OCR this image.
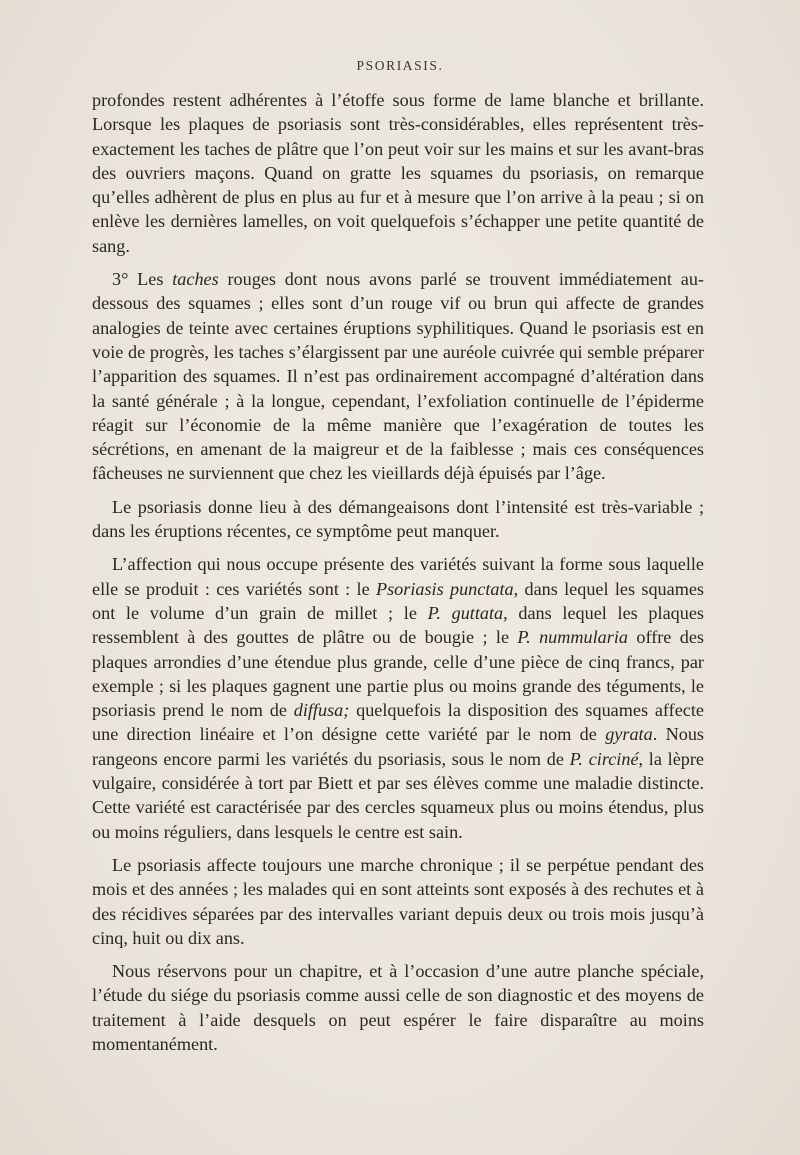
PSORIASIS.

profondes restent adhérentes à l’étoffe sous forme de lame blanche et brillante. Lorsque les plaques de psoriasis sont très-considérables, elles représentent très-exactement les taches de plâtre que l’on peut voir sur les mains et sur les avant-bras des ouvriers maçons. Quand on gratte les squames du psoriasis, on remarque qu’elles adhèrent de plus en plus au fur et à mesure que l’on arrive à la peau ; si on enlève les dernières lamelles, on voit quelquefois s’échapper une petite quantité de sang.

3° Les taches rouges dont nous avons parlé se trouvent immédiatement au-dessous des squames ; elles sont d’un rouge vif ou brun qui affecte de grandes analogies de teinte avec certaines éruptions syphilitiques. Quand le psoriasis est en voie de progrès, les taches s’élargissent par une auréole cuivrée qui semble préparer l’apparition des squames. Il n’est pas ordinairement accompagné d’altération dans la santé générale ; à la longue, cependant, l’exfoliation continuelle de l’épiderme réagit sur l’économie de la même manière que l’exagération de toutes les sécrétions, en amenant de la maigreur et de la faiblesse ; mais ces conséquences fâcheuses ne surviennent que chez les vieillards déjà épuisés par l’âge.

Le psoriasis donne lieu à des démangeaisons dont l’intensité est très-variable ; dans les éruptions récentes, ce symptôme peut manquer.

L’affection qui nous occupe présente des variétés suivant la forme sous laquelle elle se produit : ces variétés sont : le Psoriasis punctata, dans lequel les squames ont le volume d’un grain de millet ; le P. guttata, dans lequel les plaques ressemblent à des gouttes de plâtre ou de bougie ; le P. nummularia offre des plaques arrondies d’une étendue plus grande, celle d’une pièce de cinq francs, par exemple ; si les plaques gagnent une partie plus ou moins grande des téguments, le psoriasis prend le nom de diffusa; quelquefois la disposition des squames affecte une direction linéaire et l’on désigne cette variété par le nom de gyrata. Nous rangeons encore parmi les variétés du psoriasis, sous le nom de P. circiné, la lèpre vulgaire, considérée à tort par Biett et par ses élèves comme une maladie distincte. Cette variété est caractérisée par des cercles squameux plus ou moins étendus, plus ou moins réguliers, dans lesquels le centre est sain.

Le psoriasis affecte toujours une marche chronique ; il se perpétue pendant des mois et des années ; les malades qui en sont atteints sont exposés à des rechutes et à des récidives séparées par des intervalles variant depuis deux ou trois mois jusqu’à cinq, huit ou dix ans.

Nous réservons pour un chapitre, et à l’occasion d’une autre planche spéciale, l’étude du siége du psoriasis comme aussi celle de son diagnostic et des moyens de traitement à l’aide desquels on peut espérer le faire disparaître au moins momentanément.
